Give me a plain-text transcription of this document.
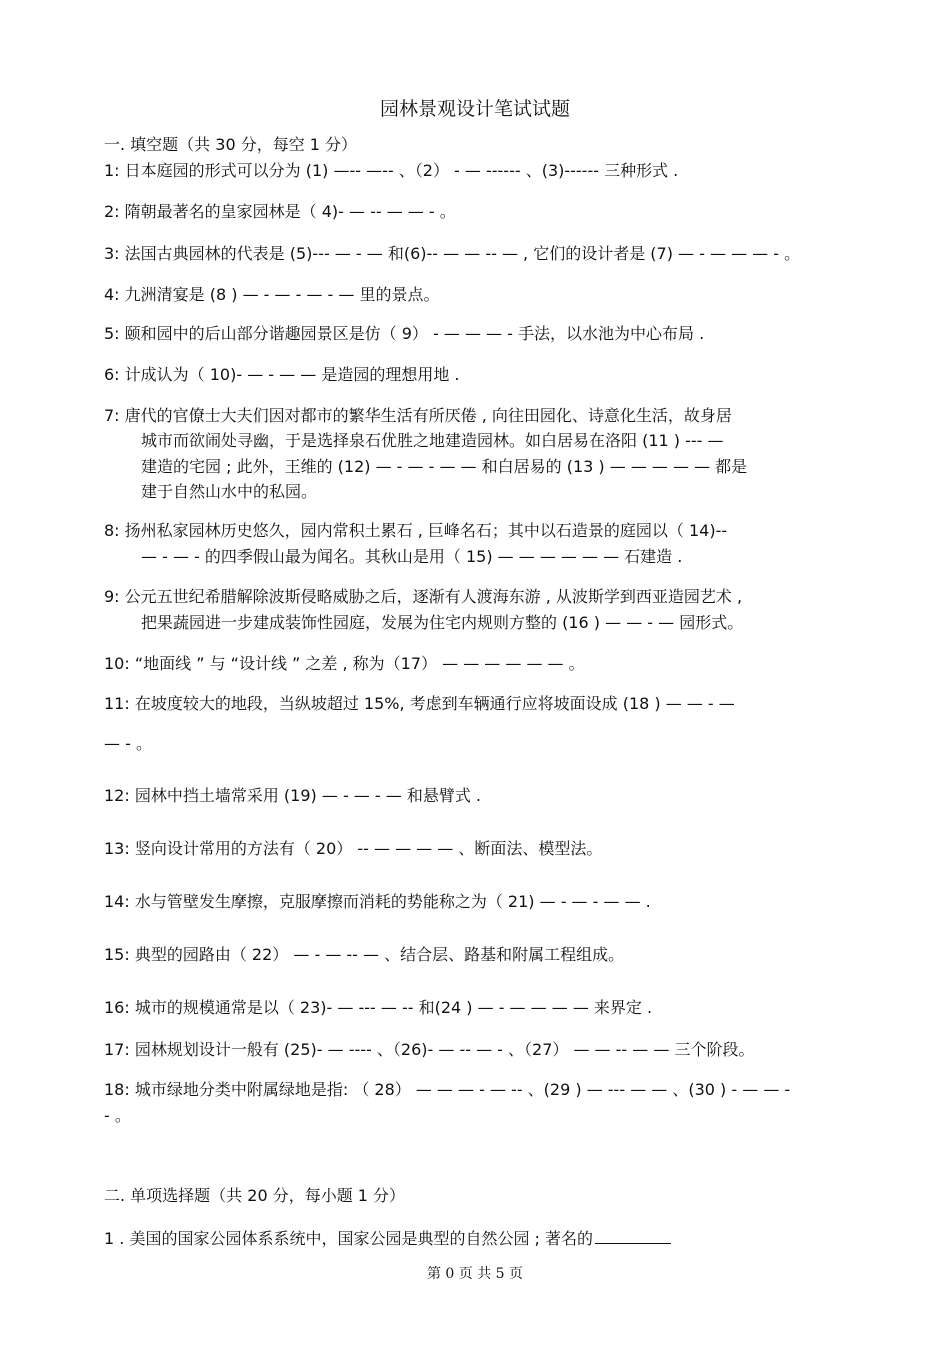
园林景观设计笔试试题
一. 填空题（共 30 分，每空 1 分）
1: 日本庭园的形式可以分为 (1) —-- —-- 、（2） - — ------ 、(3)------ 三种形式 .
2: 隋朝最著名的皇家园林是（ 4)- — -- — — - 。
3: 法国古典园林的代表是 (5)--- — - — 和(6)-- — — -- — , 它们的设计者是 (7) — - — — — - 。
4: 九洲清宴是 (8 ) — - — - — - — 里的景点。
5: 颐和园中的后山部分谐趣园景区是仿（ 9） - — — — - 手法，以水池为中心布局 .
6: 计成认为（ 10)- — - — — 是造园的理想用地 .
7: 唐代的官僚士大夫们因对都市的繁华生活有所厌倦 , 向往田园化、诗意化生活，故身居
城市而欲闹处寻幽，于是选择泉石优胜之地建造园林。如白居易在洛阳 (11 ) --- —
建造的宅园 ; 此外，王维的 (12) — - — - — — 和白居易的 (13 ) — — — — — 都是
建于自然山水中的私园。
8: 扬州私家园林历史悠久，园内常积土累石 , 巨峰名石；其中以石造景的庭园以（ 14)--
— - — - 的四季假山最为闻名。其秋山是用（ 15) — — — — — — 石建造 .
9: 公元五世纪希腊解除波斯侵略威胁之后，逐渐有人渡海东游 , 从波斯学到西亚造园艺术 ,
把果蔬园进一步建成装饰性园庭，发展为住宅内规则方整的 (16 ) — — - — 园形式。
10: “地面线 ” 与 “设计线 ” 之差 , 称为（17） — — — — — — 。
11: 在坡度较大的地段，当纵坡超过 15%, 考虑到车辆通行应将坡面设成 (18 ) — — - —
— - 。
12: 园林中挡土墙常采用 (19) — - — - — 和悬臂式 .
13: 竖向设计常用的方法有（ 20） -- — — — — 、断面法、模型法。
14: 水与管壁发生摩擦，克服摩擦而消耗的势能称之为（ 21) — - — - — — .
15: 典型的园路由（ 22） — - — -- — 、结合层、路基和附属工程组成。
16: 城市的规模通常是以（ 23)- — --- — -- 和(24 ) — - — — — — 来界定 .
17: 园林规划设计一般有 (25)- — ---- 、（26)- — -- — - 、（27） — — -- — — 三个阶段。
18: 城市绿地分类中附属绿地是指: （ 28） — — — - — -- 、(29 ) — --- — — 、(30 ) - — — -
- 。
二. 单项选择题（共 20 分，每小题 1 分）
1 . 美国的国家公园体系系统中，国家公园是典型的自然公园 ; 著名的
第 0 页 共 5 页
